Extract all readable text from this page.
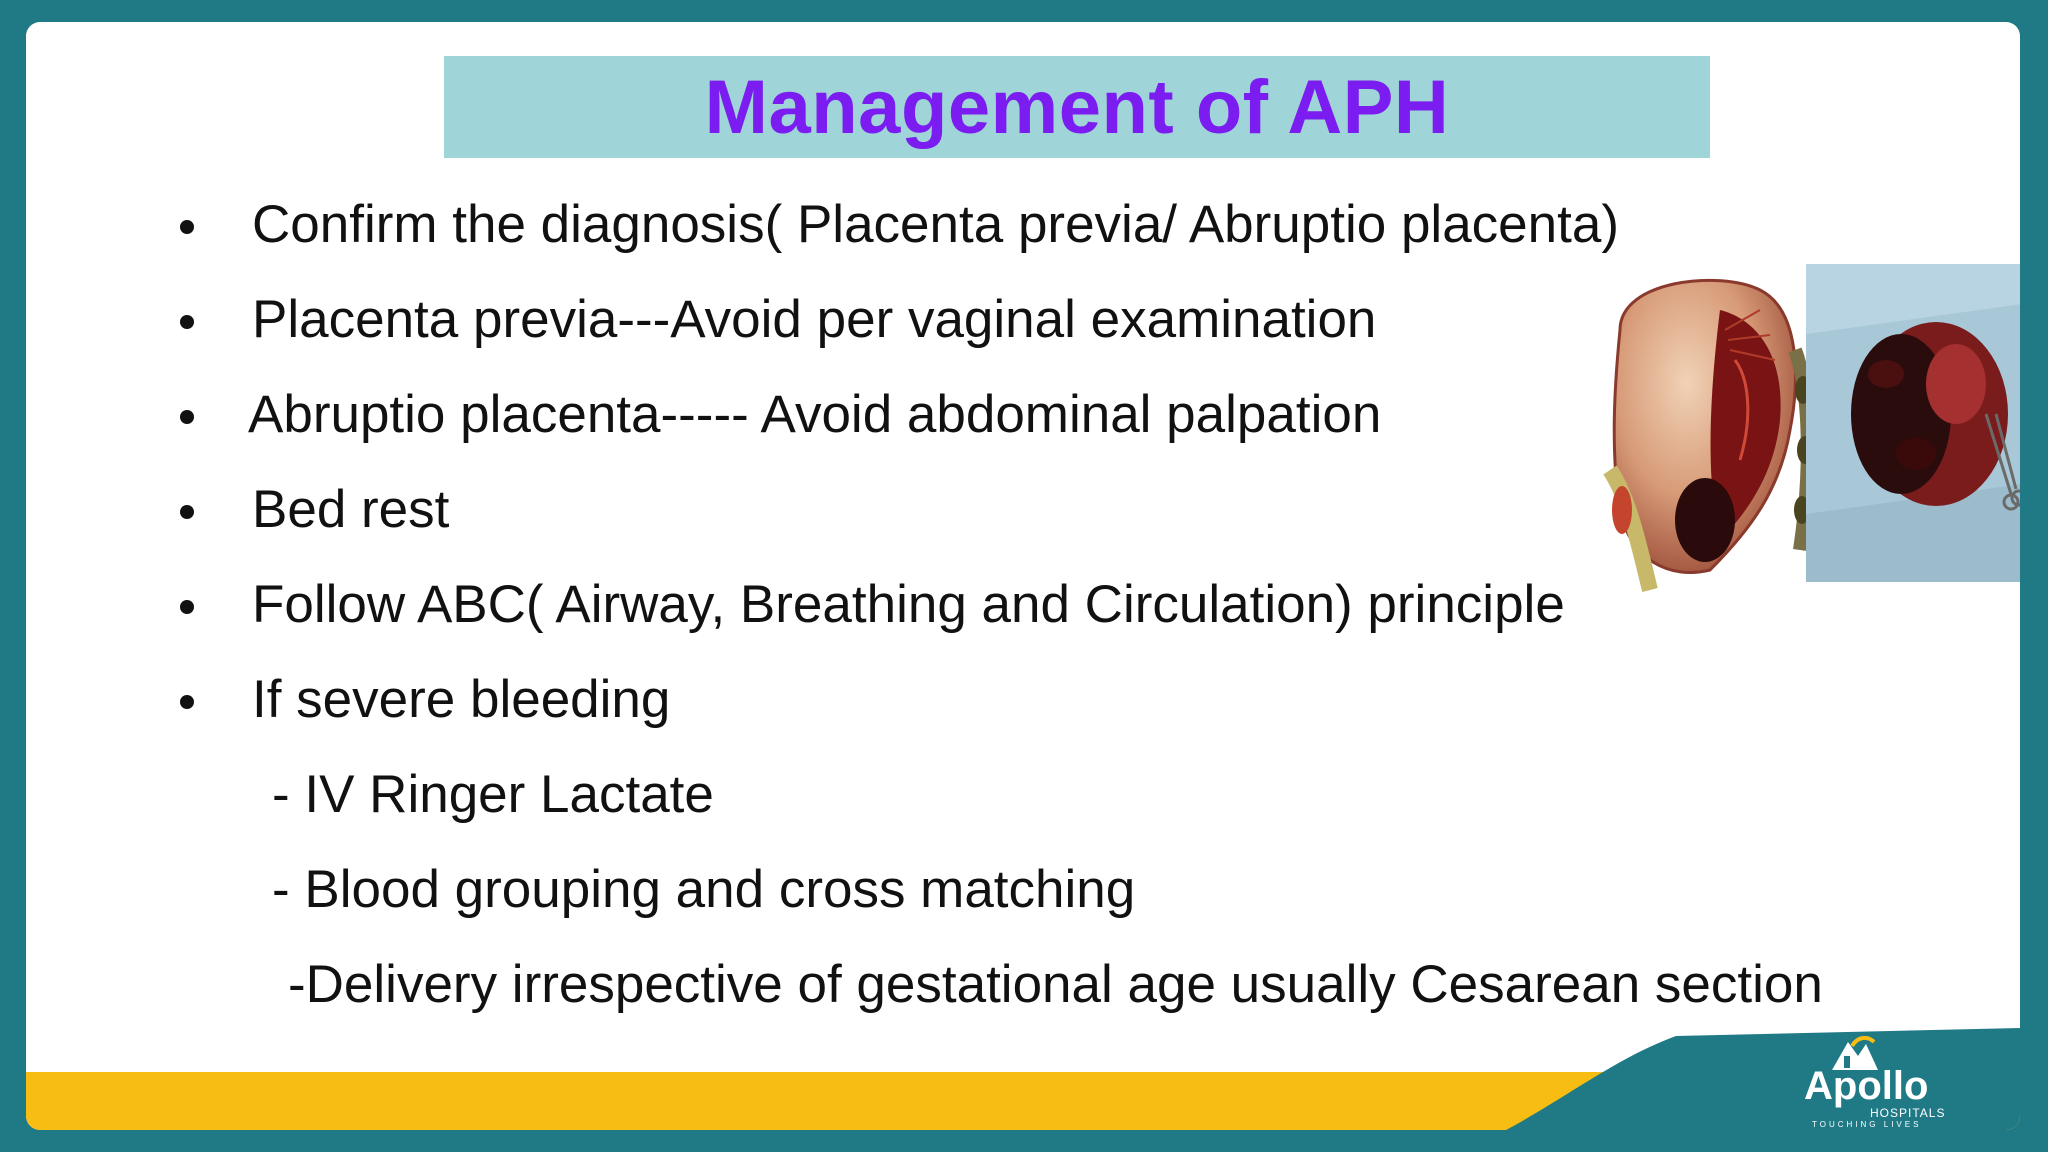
Management of APH
Confirm the diagnosis( Placenta previa/ Abruptio placenta)
Placenta previa---Avoid per vaginal examination
Abruptio placenta----- Avoid abdominal palpation
Bed rest
Follow ABC( Airway, Breathing and Circulation) principle
If severe bleeding
- IV Ringer Lactate
- Blood grouping and cross matching
-Delivery irrespective of gestational age usually Cesarean section
Apollo
HOSPITALS
TOUCHING LIVES
